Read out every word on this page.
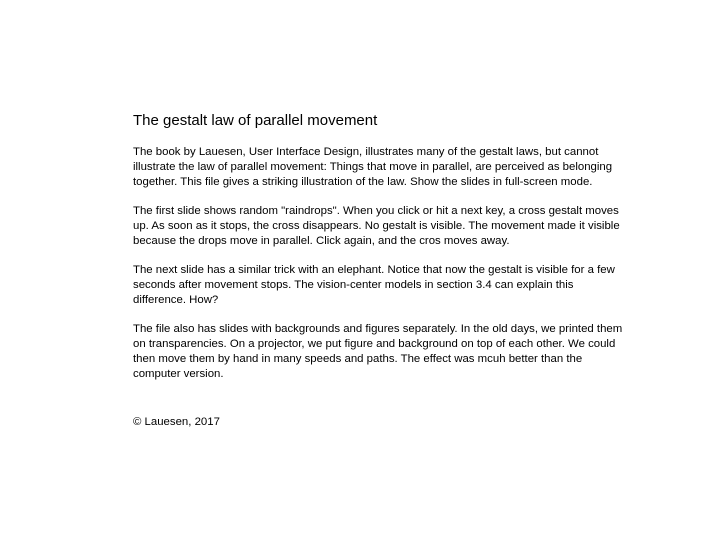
The gestalt law of parallel movement

The book by Lauesen, User Interface Design, illustrates many of the gestalt laws, but cannot illustrate the law of parallel movement: Things that move in parallel, are perceived as belonging together. This file gives a striking illustration of the law. Show the slides in full-screen mode.

The first slide shows random "raindrops". When you click or hit a next key, a cross gestalt moves up. As soon as it stops, the cross disappears. No gestalt is visible. The movement made it visible because the drops move in parallel. Click again, and the cros moves away.

The next slide has a similar trick with an elephant. Notice that now the gestalt is visible for a few seconds after movement stops. The vision-center models in section 3.4 can explain this difference. How?

The file also has slides with backgrounds and figures separately. In the old days, we printed them on transparencies. On a projector, we put figure and background on top of each other. We could then move them by hand in many speeds and paths. The effect was mcuh better than the computer version.

© Lauesen, 2017
